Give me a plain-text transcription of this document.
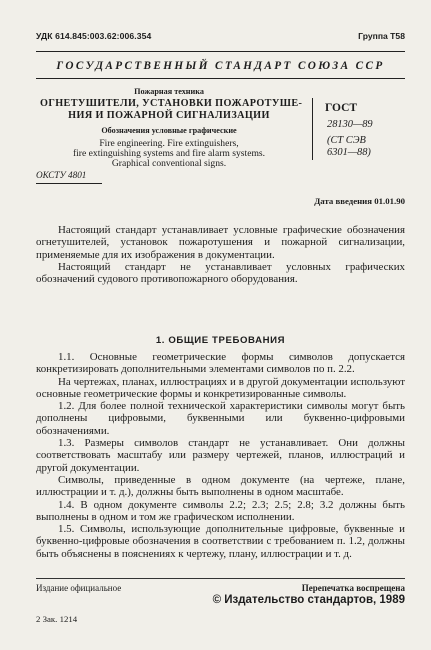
УДК 614.845:003.62:006.354	Группа Т58
ГОСУДАРСТВЕННЫЙ СТАНДАРТ СОЮЗА ССР
Пожарная техника
ОГНЕТУШИТЕЛИ, УСТАНОВКИ ПОЖАРОТУШЕ-
НИЯ И ПОЖАРНОЙ СИГНАЛИЗАЦИИ
Обозначения условные графические
Fire engineering. Fire extinguishers,
fire extinguishing systems and fire alarm systems.
Graphical conventional signs.
ГОСТ
28130—89
(СТ СЭВ
6301—88)
ОКСТУ 4801
Дата введения 01.01.90

Настоящий стандарт устанавливает условные графические обозначения огнетушителей, установок пожаротушения и пожарной сигнализации, применяемые для их изображения в документации.

Настоящий стандарт не устанавливает условных графических обозначений судового противопожарного оборудования.

1. ОБЩИЕ ТРЕБОВАНИЯ

1.1. Основные геометрические формы символов допускается конкретизировать дополнительными элементами символов по п. 2.2.

На чертежах, планах, иллюстрациях и в другой документации используют основные геометрические формы и конкретизированные символы.

1.2. Для более полной технической характеристики символы могут быть дополнены цифровыми, буквенными или буквенно-цифровыми обозначениями.

1.3. Размеры символов стандарт не устанавливает. Они должны соответствовать масштабу или размеру чертежей, планов, иллюстраций и другой документации.

Символы, приведенные в одном документе (на чертеже, плане, иллюстрации и т. д.), должны быть выполнены в одном масштабе.

1.4. В одном документе символы 2.2; 2.3; 2.5; 2.8; 3.2 должны быть выполнены в одном и том же графическом исполнении.

1.5. Символы, использующие дополнительные цифровые, буквенные и буквенно-цифровые обозначения в соответствии с требованием п. 1.2, должны быть объяснены в пояснениях к чертежу, плану, иллюстрации и т. д.

Издание официальное	Перепечатка воспрещена
© Издательство стандартов, 1989
2 Зак. 1214
